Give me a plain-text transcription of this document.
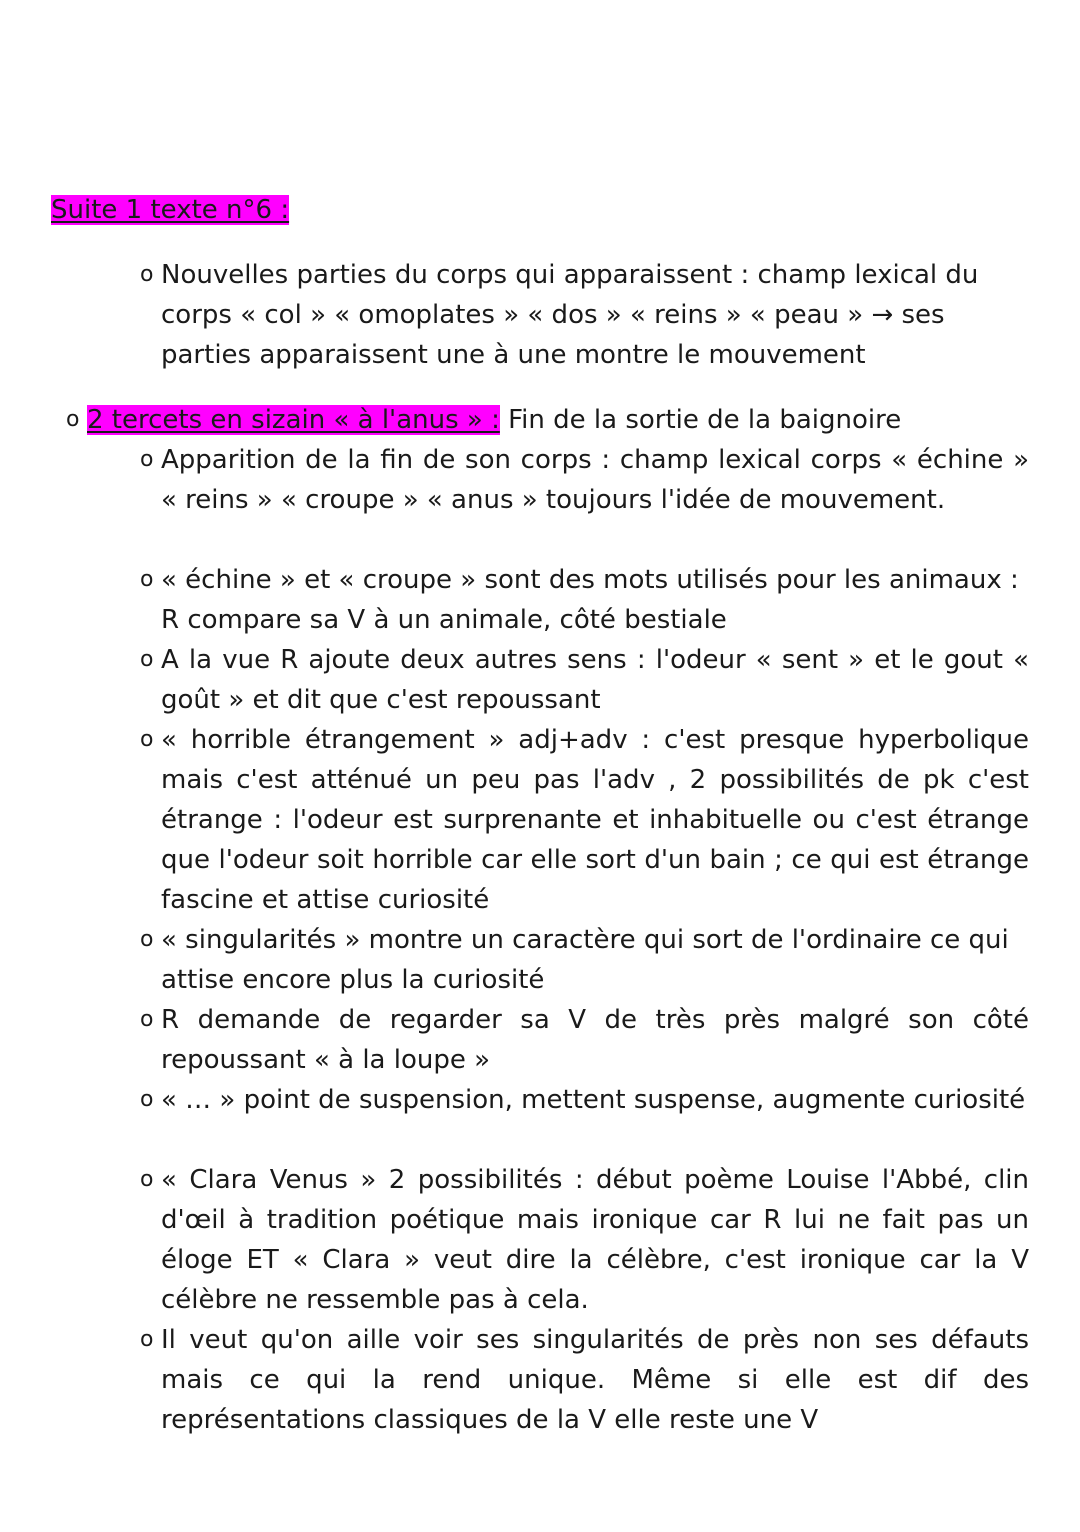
Suite 1 texte n°6 :
o Nouvelles parties du corps qui apparaissent : champ lexical du corps « col » « omoplates » « dos » « reins » « peau » → ses parties apparaissent une à une montre le mouvement
o 2 tercets en sizain « à l'anus » : Fin de la sortie de la baignoire
o Apparition de la fin de son corps : champ lexical corps « échine » « reins » « croupe » « anus » toujours l'idée de mouvement.
o « échine » et « croupe » sont des mots utilisés pour les animaux : R compare sa V à un animale, côté bestiale
o A la vue R ajoute deux autres sens : l'odeur « sent » et le gout « goût » et dit que c'est repoussant
o « horrible étrangement » adj+adv : c'est presque hyperbolique mais c'est atténué un peu pas l'adv , 2 possibilités de pk c'est étrange : l'odeur est surprenante et inhabituelle ou c'est étrange que l'odeur soit horrible car elle sort d'un bain ; ce qui est étrange fascine et attise curiosité
o « singularités » montre un caractère qui sort de l'ordinaire ce qui attise encore plus la curiosité
o R demande de regarder sa V de très près malgré son côté repoussant « à la loupe »
o « … » point de suspension, mettent suspense, augmente curiosité
o « Clara Venus » 2 possibilités : début poème Louise l'Abbé, clin d'œil à tradition poétique mais ironique car R lui ne fait pas un éloge ET « Clara » veut dire la célèbre, c'est ironique car la V célèbre ne ressemble pas à cela.
o Il veut qu'on aille voir ses singularités de près non ses défauts mais ce qui la rend unique. Même si elle est dif des représentations classiques de la V elle reste une V
